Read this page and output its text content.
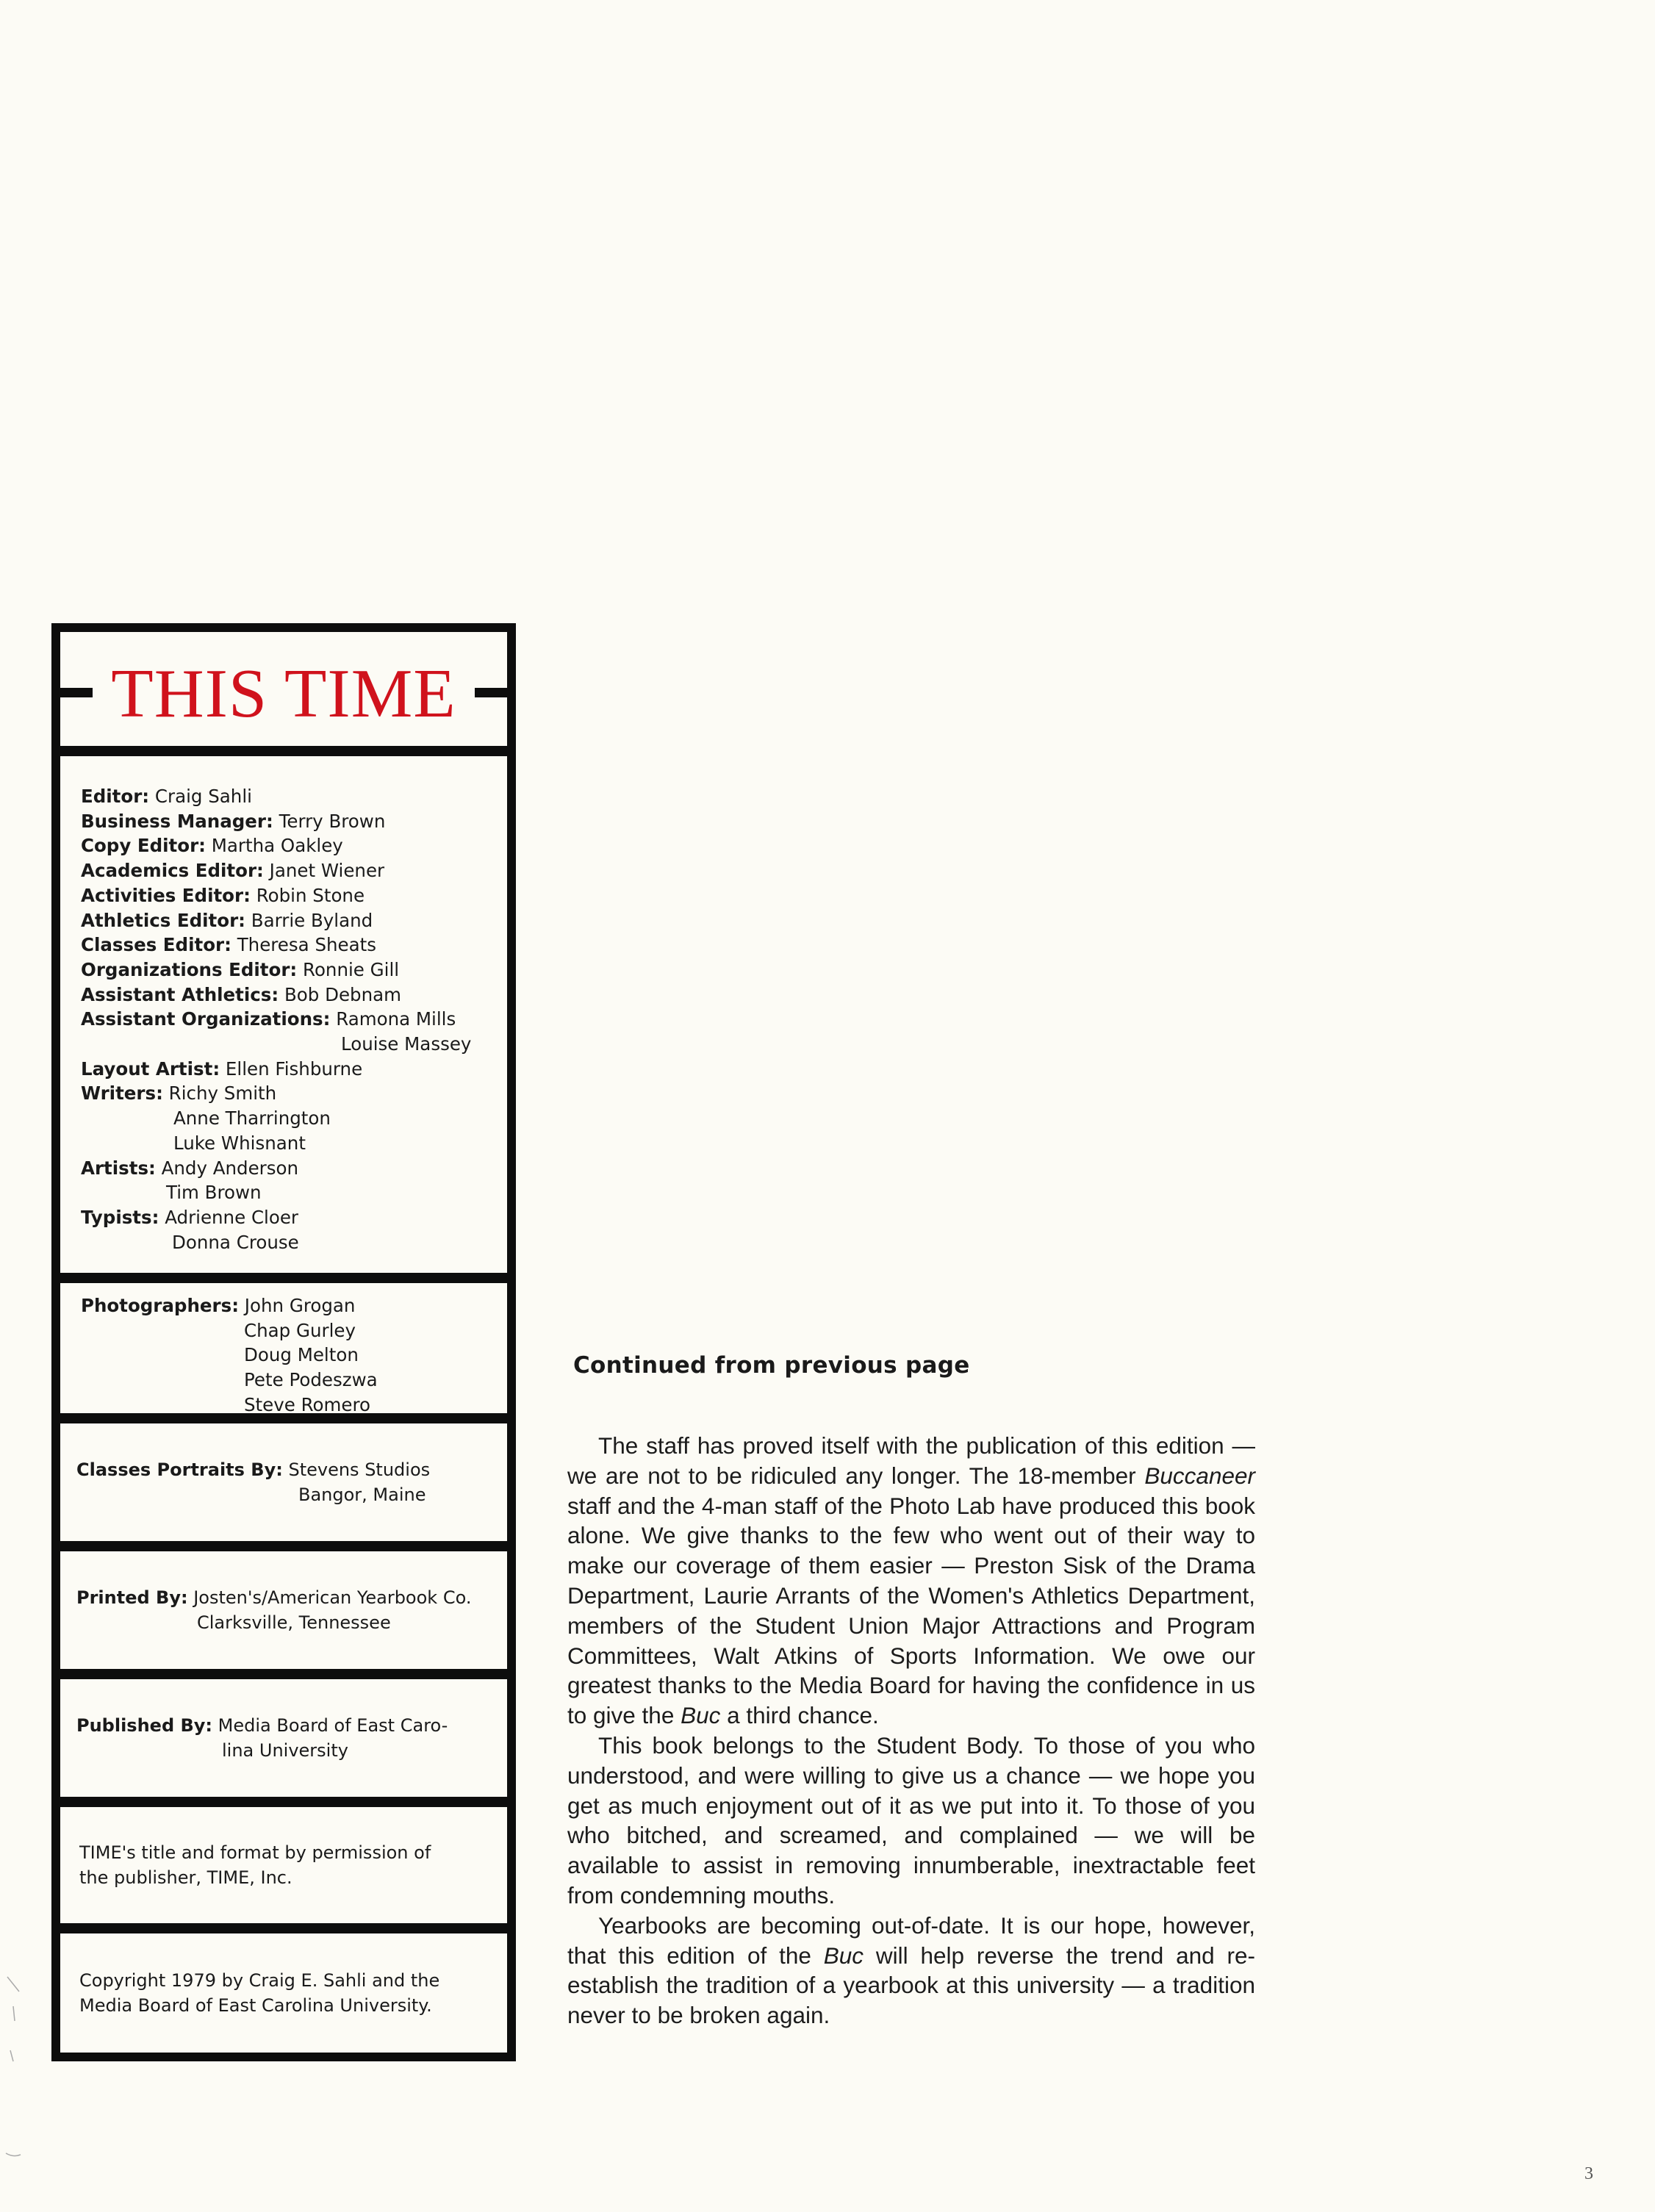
THIS TIME
Editor: Craig Sahli
Business Manager: Terry Brown
Copy Editor: Martha Oakley
Academics Editor: Janet Wiener
Activities Editor: Robin Stone
Athletics Editor: Barrie Byland
Classes Editor: Theresa Sheats
Organizations Editor: Ronnie Gill
Assistant Athletics: Bob Debnam
Assistant Organizations: Ramona Mills
Louise Massey
Layout Artist: Ellen Fishburne
Writers: Richy Smith
Anne Tharrington
Luke Whisnant
Artists: Andy Anderson
Tim Brown
Typists: Adrienne Cloer
Donna Crouse
Photographers: John Grogan
Chap Gurley
Doug Melton
Pete Podeszwa
Steve Romero
Classes Portraits By: Stevens Studios
Bangor, Maine
Printed By: Josten's/American Yearbook Co.
Clarksville, Tennessee
Published By: Media Board of East Caro-
lina University
TIME's title and format by permission of
the publisher, TIME, Inc.
Copyright 1979 by Craig E. Sahli and the
Media Board of East Carolina University.
Continued from previous page

The staff has proved itself with the publication of this edition — we are not to be ridiculed any longer. The 18-member Buccaneer staff and the 4-man staff of the Photo Lab have produced this book alone. We give thanks to the few who went out of their way to make our coverage of them easier — Preston Sisk of the Drama Department, Laurie Arrants of the Women's Athletics Department, members of the Student Union Major Attractions and Program Committees, Walt Atkins of Sports Information. We owe our greatest thanks to the Media Board for having the confidence in us to give the Buc a third chance.

This book belongs to the Student Body. To those of you who understood, and were willing to give us a chance — we hope you get as much enjoyment out of it as we put into it. To those of you who bitched, and screamed, and complained — we will be available to assist in removing innumberable, inextractable feet from condemning mouths.

Yearbooks are becoming out-of-date. It is our hope, however, that this edition of the Buc will help reverse the trend and re-establish the tradition of a yearbook at this university — a tradition never to be broken again.

3
